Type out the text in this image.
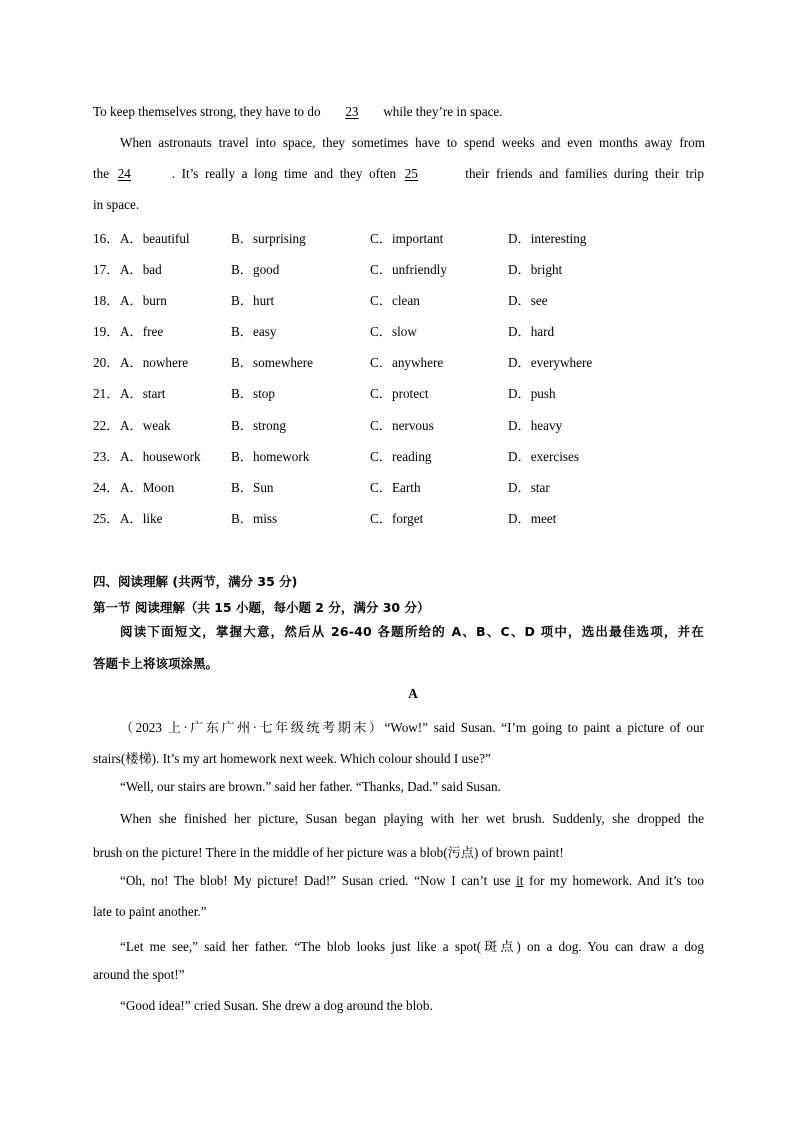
To keep themselves strong, they have to do 23 while they’re in space.
When astronauts travel into space, they sometimes have to spend weeks and even months away from
the 24	. It’s really a long time and they often 25	their friends and families during their trip
in space.
16． A．beautiful	B．surprising	C．important	D．interesting
17． A．bad	B．good	C．unfriendly	D．bright
18． A．burn	B．hurt	C．clean	D．see
19． A．free	B．easy	C．slow	D．hard
20． A．nowhere	B．somewhere	C．anywhere	D．everywhere
21． A．start	B．stop	C．protect	D．push
22． A．weak	B．strong	C．nervous	D．heavy
23． A．housework B．homework	C．reading	D．exercises
24． A．Moon	B．Sun	C．Earth	D．star
25． A．like	B．miss	C．forget	D．meet
四、阅读理解 (共两节，满分 35 分)
第一节 阅读理解（共 15 小题，每小题 2 分，满分 30 分）
阅读下面短文，掌握大意，然后从 26-40 各题所给的 A、B、C、D 项中，选出最佳选项，并在
答题卡上将该项涂黑。
A
（2023 上·广东广州·七年级统考期末）“Wow!” said Susan. “I’m going to paint a picture of our
stairs(楼梯). It’s my art homework next week. Which colour should I use?”
“Well, our stairs are brown.” said her father. “Thanks, Dad.” said Susan.
When she finished her picture, Susan began playing with her wet brush. Suddenly, she dropped the
brush on the picture! There in the middle of her picture was a blob(污点) of brown paint!
“Oh, no! The blob! My picture! Dad!” Susan cried. “Now I can’t use it for my homework. And it’s too
late to paint another.”
“Let me see,” said her father. “The blob looks just like a spot(斑点) on a dog. You can draw a dog
around the spot!”
“Good idea!” cried Susan. She drew a dog around the blob.
